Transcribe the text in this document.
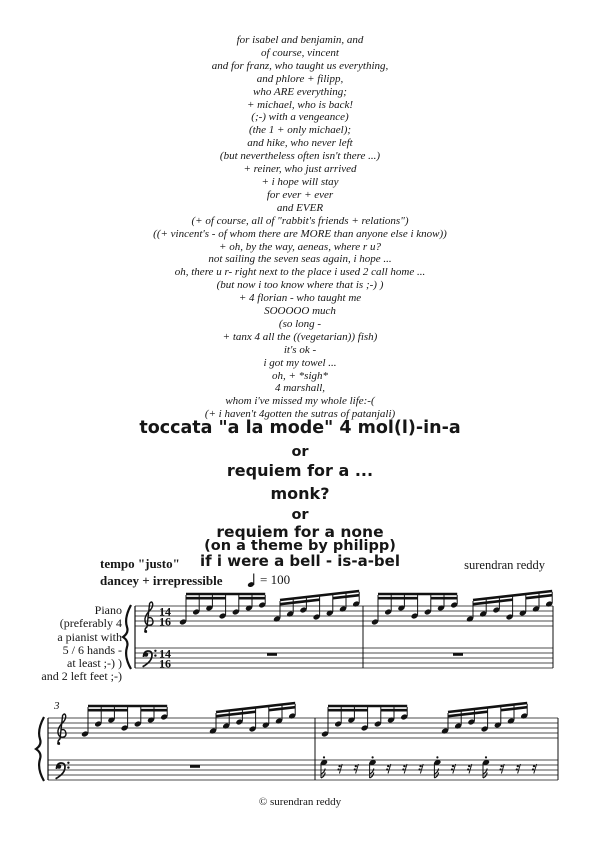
for isabel and benjamin, and
of course, vincent
and for franz, who taught us everything,
and phlore + filipp,
who ARE everything;
+ michael, who is back!
(;-) with a vengeance)
(the 1 + only michael);
and hike, who never left
(but nevertheless often isn't there ...)
+ reiner, who just arrived
+ i hope will stay
for ever + ever
and EVER
(+ of course, all of "rabbit's friends + relations")
((+ vincent's - of whom there are MORE than anyone else i know))
+ oh, by the way, aeneas, where r u?
not sailing the seven seas again, i hope ...
oh, there u r- right next to the place i used 2 call home ...
(but now i too know where that is ;-) )
+ 4 florian - who taught me
SOOOOO much
(so long -
+ tanx 4 all the ((vegetarian)) fish)
it's ok -
i got my towel ...
oh, + *sigh*
4 marshall,
whom i've missed my whole life:-(
(+ i haven't 4gotten the sutras of patanjali)
toccata "a la mode" 4 mol(l)-in-a
or
requiem for a ...
monk?
or
requiem for a none
(on a theme by philipp)
if i were a bell - is-a-bel
tempo "justo"
dancey + irrepressible	= 100
surendran reddy
Piano
(preferably 4
a pianist with
5 / 6 hands -
at least ;-) )
and 2 left feet ;-)
14
16
14
16
3
© surendran reddy
